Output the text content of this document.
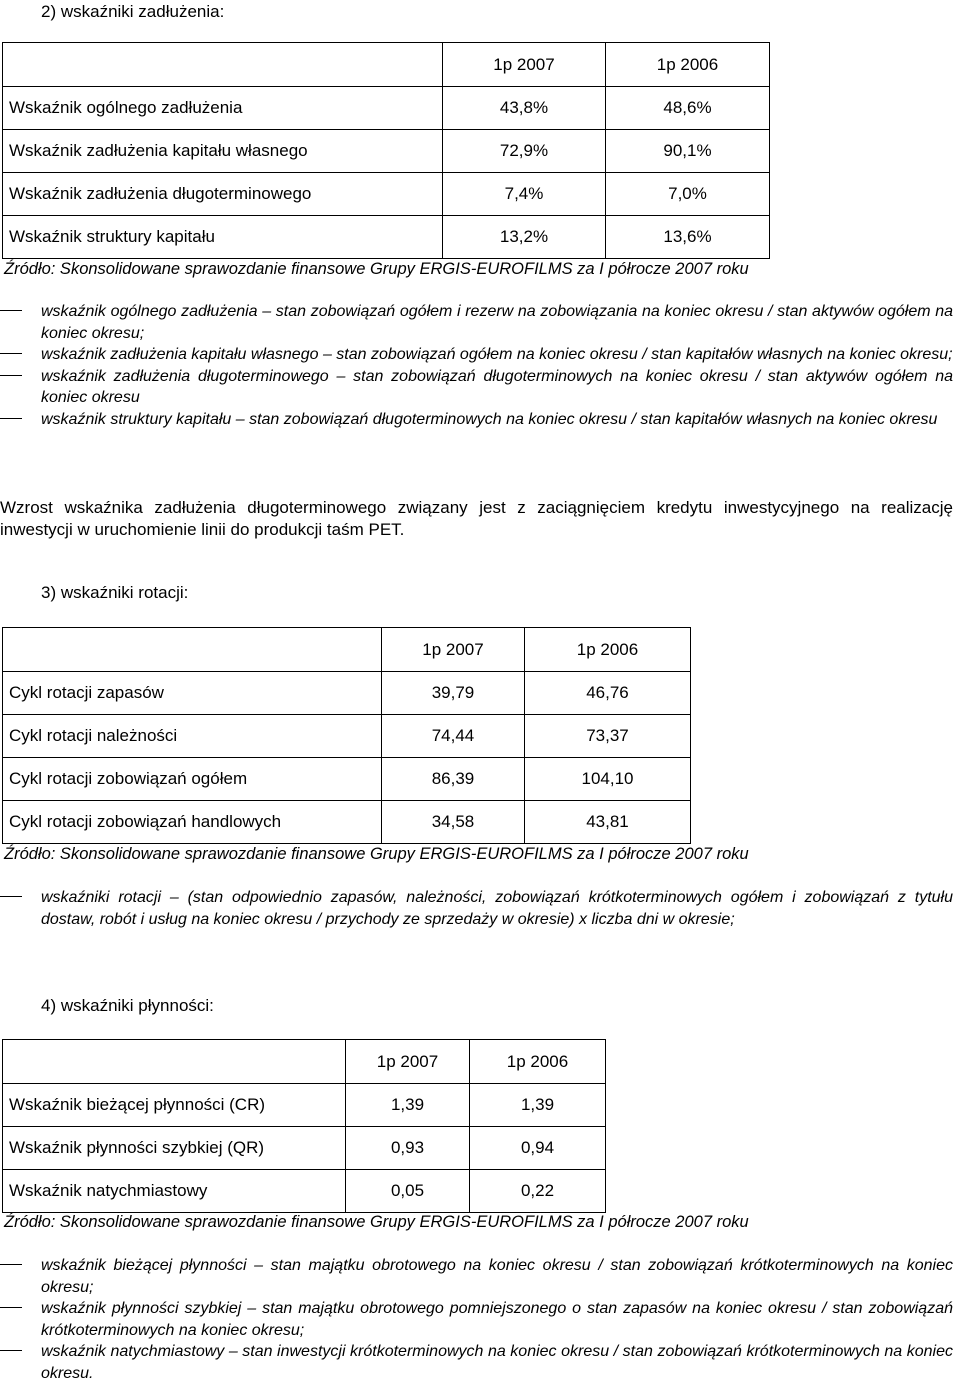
2) wskaźniki zadłużenia:
	1p 2007	1p 2006
Wskaźnik ogólnego zadłużenia	43,8%	48,6%
Wskaźnik zadłużenia kapitału własnego	72,9%	90,1%
Wskaźnik zadłużenia długoterminowego	7,4%	7,0%
Wskaźnik struktury kapitału	13,2%	13,6%
Źródło: Skonsolidowane sprawozdanie finansowe Grupy ERGIS-EUROFILMS za I półrocze 2007 roku
wskaźnik ogólnego zadłużenia – stan zobowiązań ogółem i rezerw na zobowiązania na koniec okresu / stan aktywów ogółem na koniec okresu;
wskaźnik zadłużenia kapitału własnego – stan zobowiązań ogółem na koniec okresu / stan kapitałów własnych na koniec okresu;
wskaźnik zadłużenia długoterminowego – stan zobowiązań długoterminowych na koniec okresu / stan aktywów ogółem na koniec okresu
wskaźnik struktury kapitału – stan zobowiązań długoterminowych na koniec okresu / stan kapitałów własnych na koniec okresu
Wzrost wskaźnika zadłużenia długoterminowego związany jest z zaciągnięciem kredytu inwestycyjnego na realizację inwestycji w uruchomienie linii do produkcji taśm PET.
3) wskaźniki rotacji:
	1p 2007	1p 2006
Cykl rotacji zapasów	39,79	46,76
Cykl rotacji należności	74,44	73,37
Cykl rotacji zobowiązań ogółem	86,39	104,10
Cykl rotacji zobowiązań handlowych	34,58	43,81
Źródło: Skonsolidowane sprawozdanie finansowe Grupy ERGIS-EUROFILMS za I półrocze 2007 roku
wskaźniki rotacji – (stan odpowiednio zapasów, należności, zobowiązań krótkoterminowych ogółem i zobowiązań z tytułu dostaw, robót i usług na koniec okresu / przychody ze sprzedaży w okresie) x liczba dni w okresie;
4) wskaźniki płynności:
	1p 2007	1p 2006
Wskaźnik bieżącej płynności (CR)	1,39	1,39
Wskaźnik płynności szybkiej (QR)	0,93	0,94
Wskaźnik natychmiastowy	0,05	0,22
Źródło: Skonsolidowane sprawozdanie finansowe Grupy ERGIS-EUROFILMS za I półrocze 2007 roku
wskaźnik bieżącej płynności – stan majątku obrotowego na koniec okresu / stan zobowiązań krótkoterminowych na koniec okresu;
wskaźnik płynności szybkiej – stan majątku obrotowego pomniejszonego o stan zapasów na koniec okresu / stan zobowiązań krótkoterminowych na koniec okresu;
wskaźnik natychmiastowy – stan inwestycji krótkoterminowych na koniec okresu / stan zobowiązań krótkoterminowych na koniec okresu.
